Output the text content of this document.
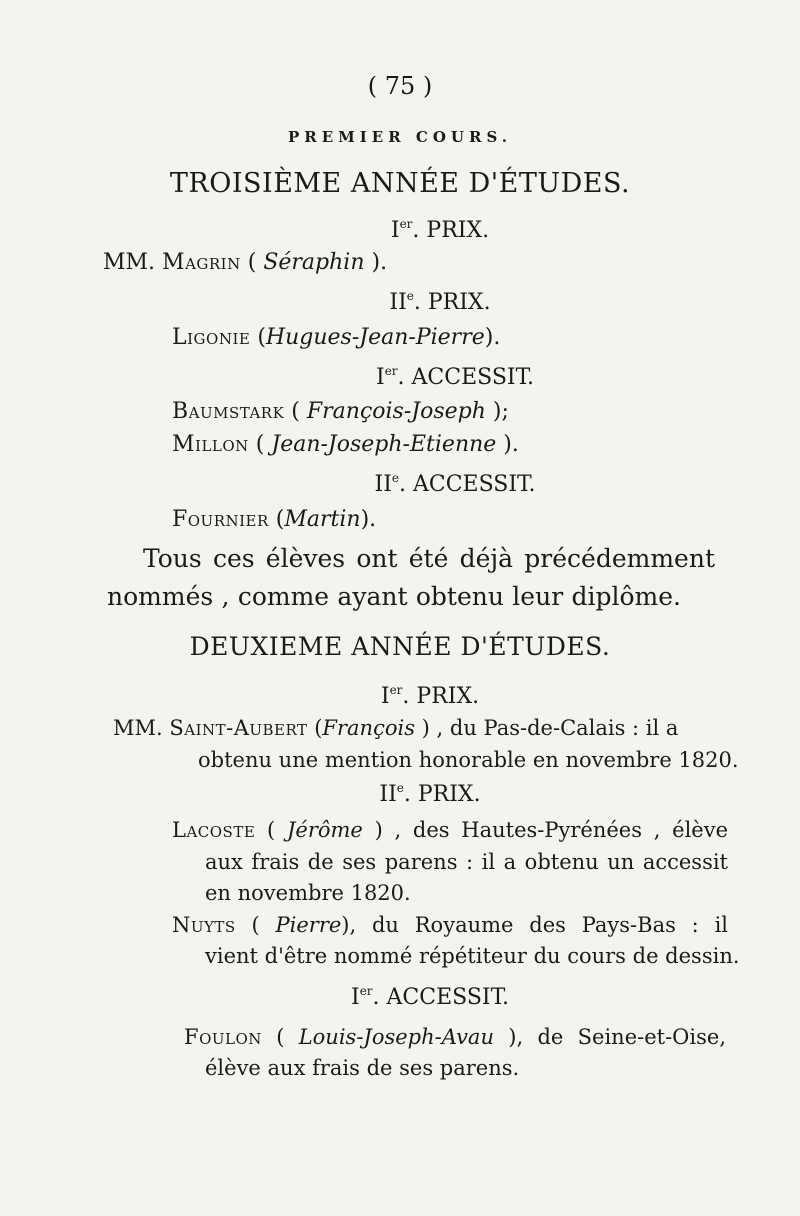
( 75 )
PREMIER COURS.
TROISIÈME ANNÉE D'ÉTUDES.
Ier. PRIX.
MM. Magrin ( Séraphin ).
IIe. PRIX.
Ligonie (Hugues-Jean-Pierre).
Ier. ACCESSIT.
Baumstark ( François-Joseph );
Millon ( Jean-Joseph-Etienne ).
IIe. ACCESSIT.
Fournier (Martin).
Tous ces élèves ont été déjà précédemment
nommés , comme ayant obtenu leur diplôme.
DEUXIEME ANNÉE D'ÉTUDES.
Ier. PRIX.
MM. Saint-Aubert (François ) , du Pas-de-Calais : il a
obtenu une mention honorable en novembre 1820.
IIe. PRIX.
Lacoste ( Jérôme ) , des Hautes-Pyrénées , élève
aux frais de ses parens : il a obtenu un accessit
en novembre 1820.
Nuyts ( Pierre), du Royaume des Pays-Bas : il
vient d'être nommé répétiteur du cours de dessin.
Ier. ACCESSIT.
Foulon ( Louis-Joseph-Avau ), de Seine-et-Oise,
élève aux frais de ses parens.
